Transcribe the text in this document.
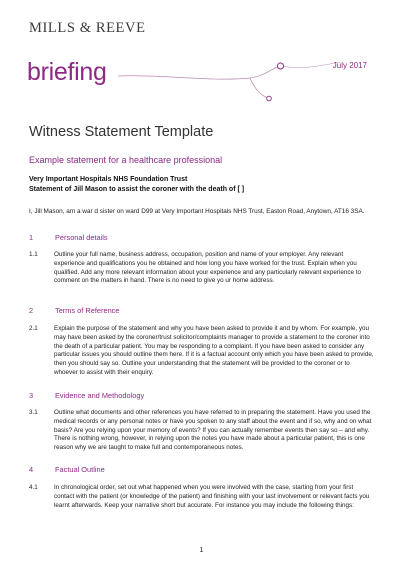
MILLS & REEVE
briefing	July 2017
Witness Statement Template
Example statement for a healthcare professional
Very Important Hospitals NHS Foundation Trust
Statement of Jill Mason to assist the coroner with the death of [ ]
I, Jill Mason, am a war d sister on ward D99 at Very Important Hospitals NHS Trust, Easton Road, Anytown, AT16 3SA.
1	Personal details
1.1	Outline your full name, business address, occupation, position and name of your employer. Any relevant experience and qualifications you he obtained and how long you have worked for the trust. Explain when you qualified. Add any more relevant information about your experience and any particularly relevant experience to comment on the matters in hand. There is no need to give yo ur home address.
2	Terms of Reference
2.1	Explain the purpose of the statement and why you have been asked to provide it and by whom. For example, you may have been asked by the coroner/trust solicitor/complaints manager to provide a statement to the coroner into the death of a particular patient. You may be responding to a complaint. If you have been asked to consider any particular issues you should outline them here. If it is a factual account only which you have been asked to provide, then you should say so. Outline your understanding that the statement will be provided to the coroner or to whoever to assist with their enquiry.
3	Evidence and Methodology
3.1	Outline what documents and other references you have referred to in preparing the statement. Have you used the medical records or any personal notes or have you spoken to any staff about the event and if so, why and on what basis? Are you relying upon your memory of events? If you can actually remember events then say so – and why. There is nothing wrong, however, in relying upon the notes you have made about a particular patient, this is one reason why we are taught to make full and contemporaneous notes.
4	Factual Outline
4.1	In chronological order, set out what happened when you were involved with the case, starting from your first contact with the patient (or knowledge of the patient) and finishing with your last involvement or relevant facts you learnt afterwards. Keep your narrative short but accurate. For instance you may include the following things:
1
